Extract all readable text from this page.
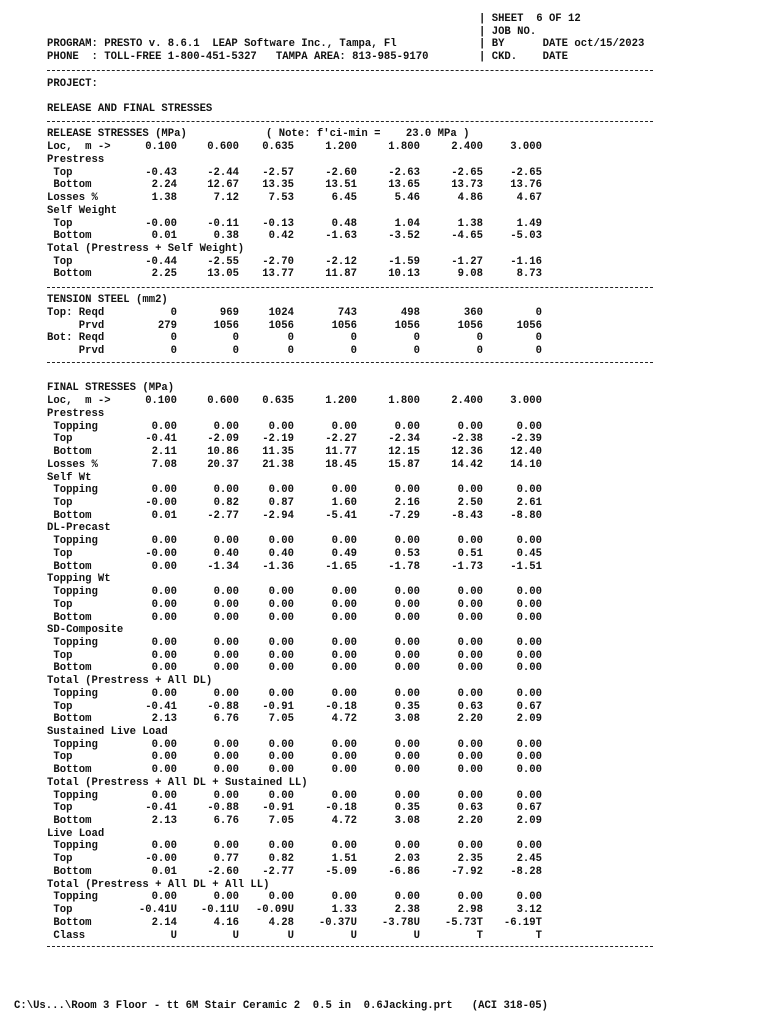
| SHEET 6 OF 12
| JOB NO.
PROGRAM: PRESTO v. 8.6.1  LEAP Software Inc., Tampa, Fl	| BY	DATE oct/15/2023
PHONE  : TOLL-FREE 1-800-451-5327   TAMPA AREA: 813-985-9170	| CKD. DATE
PROJECT:
RELEASE AND FINAL STRESSES
RELEASE STRESSES (MPa)	( Note: f'ci-min =    23.0 MPa )
Loc,  m ->	0.100	0.600 0.635	1.200	1.800	2.400	3.000
Prestress
Top	-0.43	-2.44 -2.57	-2.60	-2.63	-2.65	-2.65
Bottom	2.24	12.67 13.35	13.51	13.65	13.73	13.76
Losses %	1.38	7.12	7.53	6.45	5.46	4.86	4.67
Self Weight
Top	-0.00	-0.11 -0.13	0.48	1.04	1.38	1.49
Bottom	0.01	0.38	0.42	-1.63	-3.52	-4.65	-5.03
Total (Prestress + Self Weight)
Top	-0.44	-2.55 -2.70	-2.12	-1.59	-1.27	-1.16
Bottom	2.25	13.05 13.77	11.87	10.13	9.08	8.73
TENSION STEEL (mm2)
Top: Reqd	0	969	1024	743	498	360	0
Prvd	279	1056	1056	1056	1056	1056	1056
Bot: Reqd	0	0	0	0	0	0	0
Prvd	0	0	0	0	0	0	0
FINAL STRESSES (MPa)
Loc,  m ->	0.100	0.600 0.635	1.200	1.800	2.400	3.000
Prestress
Topping	0.00	0.00	0.00	0.00	0.00	0.00	0.00
Top	-0.41	-2.09 -2.19	-2.27	-2.34	-2.38	-2.39
Bottom	2.11	10.86 11.35	11.77	12.15	12.36	12.40
Losses %	7.08	20.37 21.38	18.45	15.87	14.42	14.10
Self Wt
Topping	0.00	0.00	0.00	0.00	0.00	0.00	0.00
Top	-0.00	0.82	0.87	1.60	2.16	2.50	2.61
Bottom	0.01	-2.77 -2.94	-5.41	-7.29	-8.43	-8.80
DL-Precast
Topping	0.00	0.00	0.00	0.00	0.00	0.00	0.00
Top	-0.00	0.40	0.40	0.49	0.53	0.51	0.45
Bottom	0.00	-1.34 -1.36	-1.65	-1.78	-1.73	-1.51
Topping Wt
Topping	0.00	0.00	0.00	0.00	0.00	0.00	0.00
Top	0.00	0.00	0.00	0.00	0.00	0.00	0.00
Bottom	0.00	0.00	0.00	0.00	0.00	0.00	0.00
SD-Composite
Topping	0.00	0.00	0.00	0.00	0.00	0.00	0.00
Top	0.00	0.00	0.00	0.00	0.00	0.00	0.00
Bottom	0.00	0.00	0.00	0.00	0.00	0.00	0.00
Total (Prestress + All DL)
Topping	0.00	0.00	0.00	0.00	0.00	0.00	0.00
Top	-0.41	-0.88 -0.91	-0.18	0.35	0.63	0.67
Bottom	2.13	6.76	7.05	4.72	3.08	2.20	2.09
Sustained Live Load
Topping	0.00	0.00	0.00	0.00	0.00	0.00	0.00
Top	0.00	0.00	0.00	0.00	0.00	0.00	0.00
Bottom	0.00	0.00	0.00	0.00	0.00	0.00	0.00
Total (Prestress + All DL + Sustained LL)
Topping	0.00	0.00	0.00	0.00	0.00	0.00	0.00
Top	-0.41	-0.88 -0.91	-0.18	0.35	0.63	0.67
Bottom	2.13	6.76	7.05	4.72	3.08	2.20	2.09
Live Load
Topping	0.00	0.00	0.00	0.00	0.00	0.00	0.00
Top	-0.00	0.77	0.82	1.51	2.03	2.35	2.45
Bottom	0.01	-2.60 -2.77	-5.09	-6.86	-7.92	-8.28
Total (Prestress + All DL + All LL)
Topping	0.00	0.00	0.00	0.00	0.00	0.00	0.00
Top	-0.41U -0.11U -0.09U	1.33	2.38	2.98	3.12
Bottom	2.14	4.16	4.28 -0.37U -3.78U -5.73T -6.19T
Class	U	U	U	U	U	T	T
C:\Us...\Room 3 Floor - tt 6M Stair Ceramic 2  0.5 in  0.6Jacking.prt   (ACI 318-05)
